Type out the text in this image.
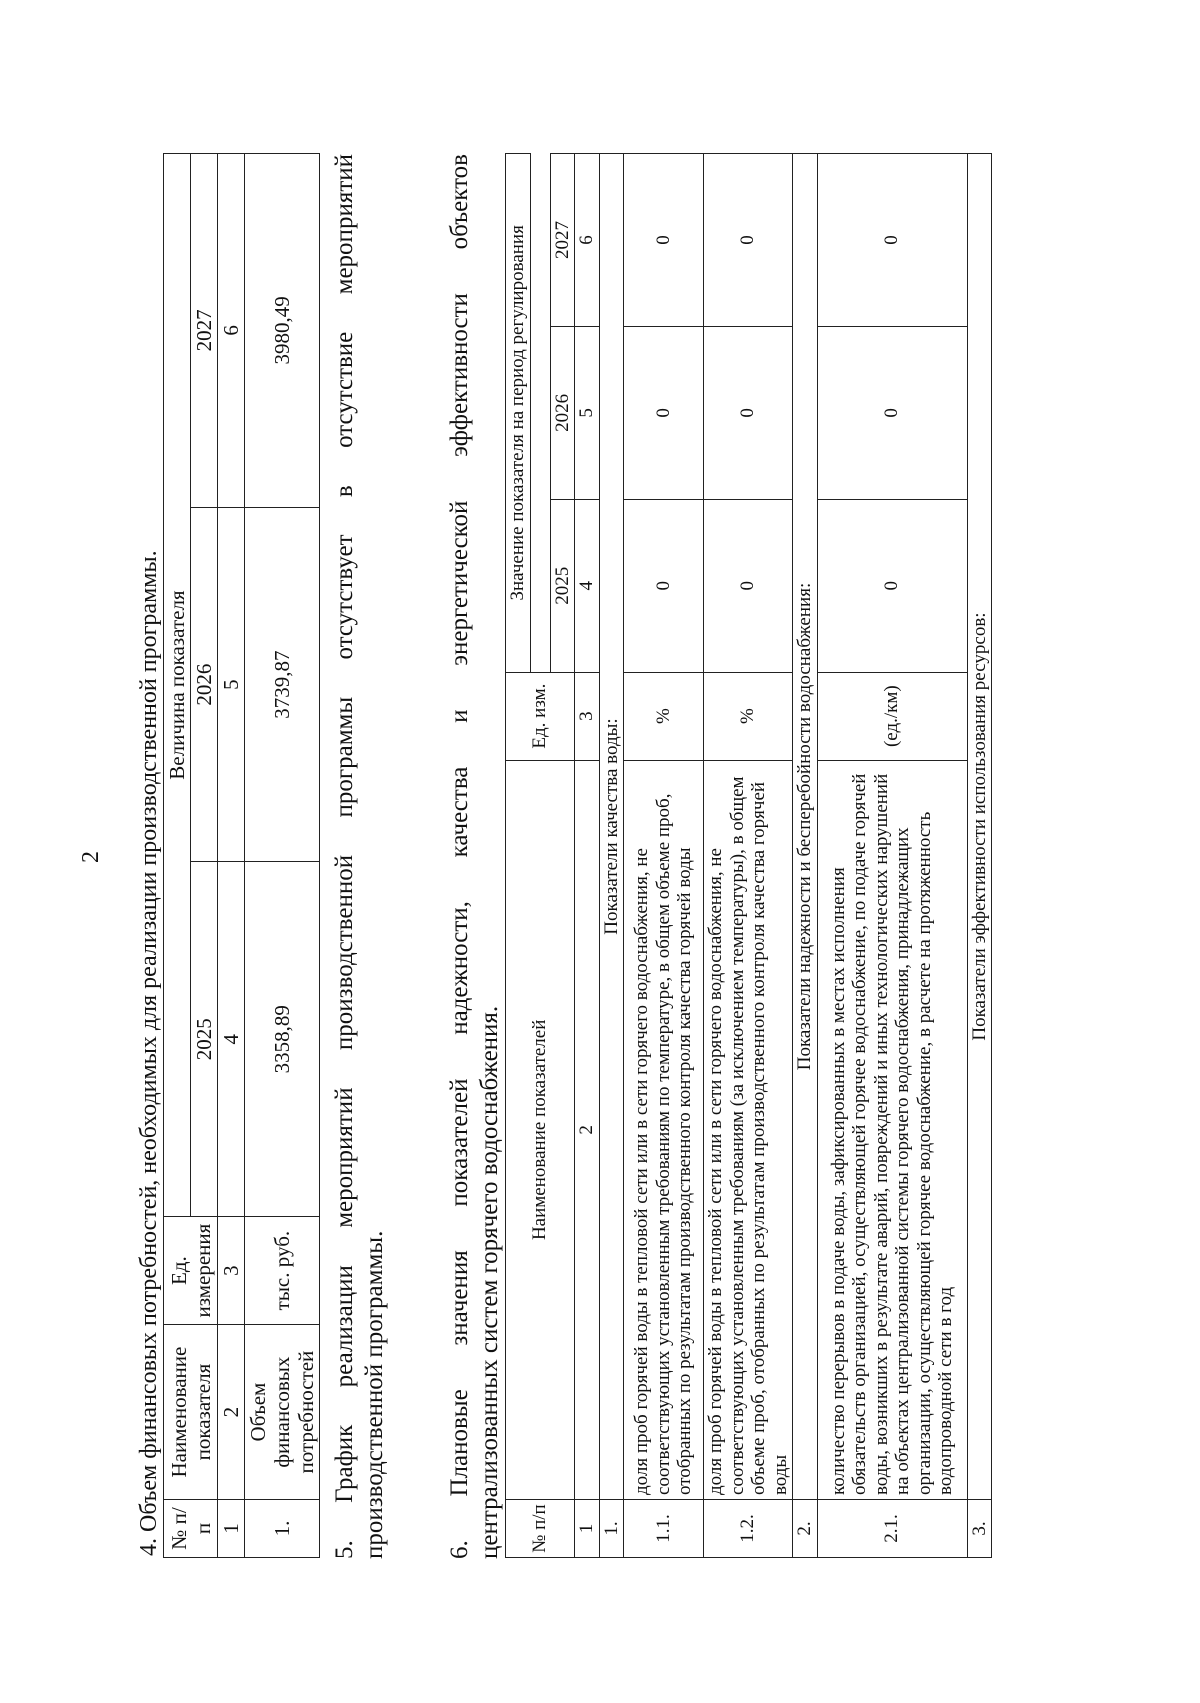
2 4. Объем финансовых потребностей, необходимых для реализации производственной программы. № п/п	Наименование показателя	Ед. измерения	Величина показателя		
			2025	2026	2027
1	2	3	4	5	6
1.	Объем финансовых потребностей	тыс. руб.	3358,89	3739,87	3980,49 5. График реализации мероприятий производственной программы отсутствует в отсутствие мероприятий производственной программы. 6. Плановые значения показателей надежности, качества и энергетической эффективности объектов централизованных систем горячего водоснабжения. № п/п	Наименование показателей	Ед. изм.	Значение показателя на период регулирования		

			2025	2026	2027
1	2	3	4	5	6
1.	Показатели качества воды:				
1.1.	доля проб горячей воды в тепловой сети или в сети горячего водоснабжения, не соответствующих установленным требованиям по температуре, в общем объеме проб, отобранных по результатам производственного контроля качества горячей воды	%	0	0	0
1.2.	доля проб горячей воды в тепловой сети или в сети горячего водоснабжения, не соответствующих установленным требованиям (за исключением температуры), в общем объеме проб, отобранных по результатам производственного контроля качества горячей воды	%	0	0	0
2.	Показатели надежности и бесперебойности водоснабжения:				
2.1.	количество перерывов в подаче воды, зафиксированных в местах исполнения обязательств организацией, осуществляющей горячее водоснабжение, по подаче горячей воды, возникших в результате аварий, повреждений и иных технологических нарушений на объектах централизованной системы горячего водоснабжения, принадлежащих организации, осуществляющей горячее водоснабжение, в расчете на протяженность водопроводной сети в год	(ед./км)	0	0	0
3.	Показатели эффективности использования ресурсов:				
